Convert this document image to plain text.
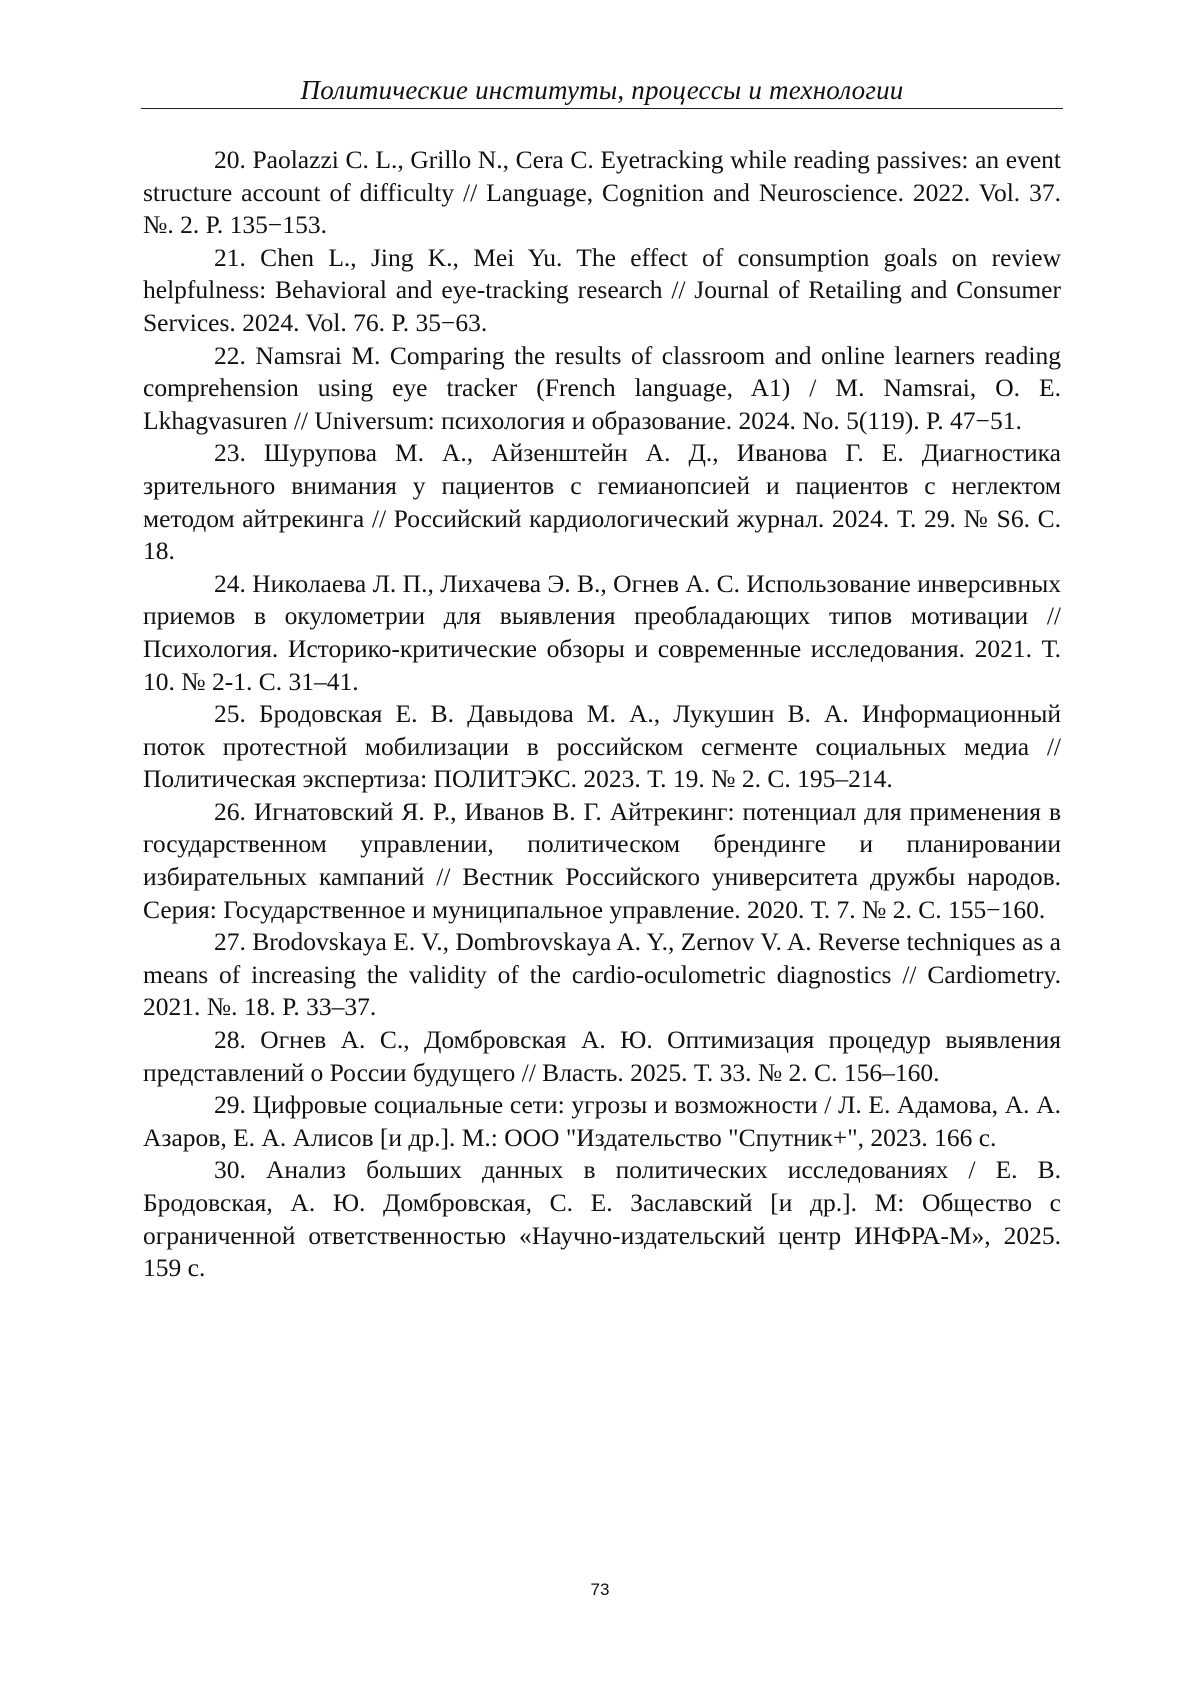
Политические институты, процессы и технологии

20. Paolazzi C. L., Grillo N., Cera C. Eyetracking while reading passives: an event structure account of difficulty // Language, Cognition and Neuroscience. 2022. Vol. 37. №. 2. P. 135−153.

21. Chen L., Jing K., Mei Yu. The effect of consumption goals on review helpfulness: Behavioral and eye-tracking research // Journal of Retailing and Consumer Services. 2024. Vol. 76. P. 35−63.

22. Namsrai M. Comparing the results of classroom and online learners reading comprehension using eye tracker (French language, A1) / M. Namsrai, O. E. Lkhagvasuren // Universum: психология и образование. 2024. No. 5(119). P. 47−51.

23. Шурупова М. А., Айзенштейн А. Д., Иванова Г. Е. Диагностика зрительного внимания у пациентов с гемианопсией и пациентов с неглектом методом айтрекинга // Российский кардиологический журнал. 2024. Т. 29. № S6. С. 18.

24. Николаева Л. П., Лихачева Э. В., Огнев А. С. Использование инверсивных приемов в окулометрии для выявления преобладающих типов мотивации // Психология. Историко-критические обзоры и современные исследования. 2021. Т. 10. № 2-1. С. 31–41.

25. Бродовская Е. В. Давыдова М. А., Лукушин В. А. Информационный поток протестной мобилизации в российском сегменте социальных медиа // Политическая экспертиза: ПОЛИТЭКС. 2023. Т. 19. № 2. С. 195–214.

26. Игнатовский Я. Р., Иванов В. Г. Айтрекинг: потенциал для применения в государственном управлении, политическом брендинге и планировании избирательных кампаний // Вестник Российского университета дружбы народов. Серия: Государственное и муниципальное управление. 2020. Т. 7. № 2. С. 155−160.

27. Brodovskaya E. V., Dombrovskaya A. Y., Zernov V. A. Reverse techniques as a means of increasing the validity of the cardio-oculometric diagnostics // Cardiometry. 2021. №. 18. P. 33–37.

28. Огнев А. С., Домбровская А. Ю. Оптимизация процедур выявления представлений о России будущего // Власть. 2025. Т. 33. № 2. С. 156–160.

29. Цифровые социальные сети: угрозы и возможности / Л. Е. Адамова, А. А. Азаров, Е. А. Алисов [и др.]. М.: ООО "Издательство "Спутник+", 2023. 166 с.

30. Анализ больших данных в политических исследованиях / Е. В. Бродовская, А. Ю. Домбровская, С. Е. Заславский [и др.]. М: Общество с ограниченной ответственностью «Научно-издательский центр ИНФРА-М», 2025. 159 с.

73
